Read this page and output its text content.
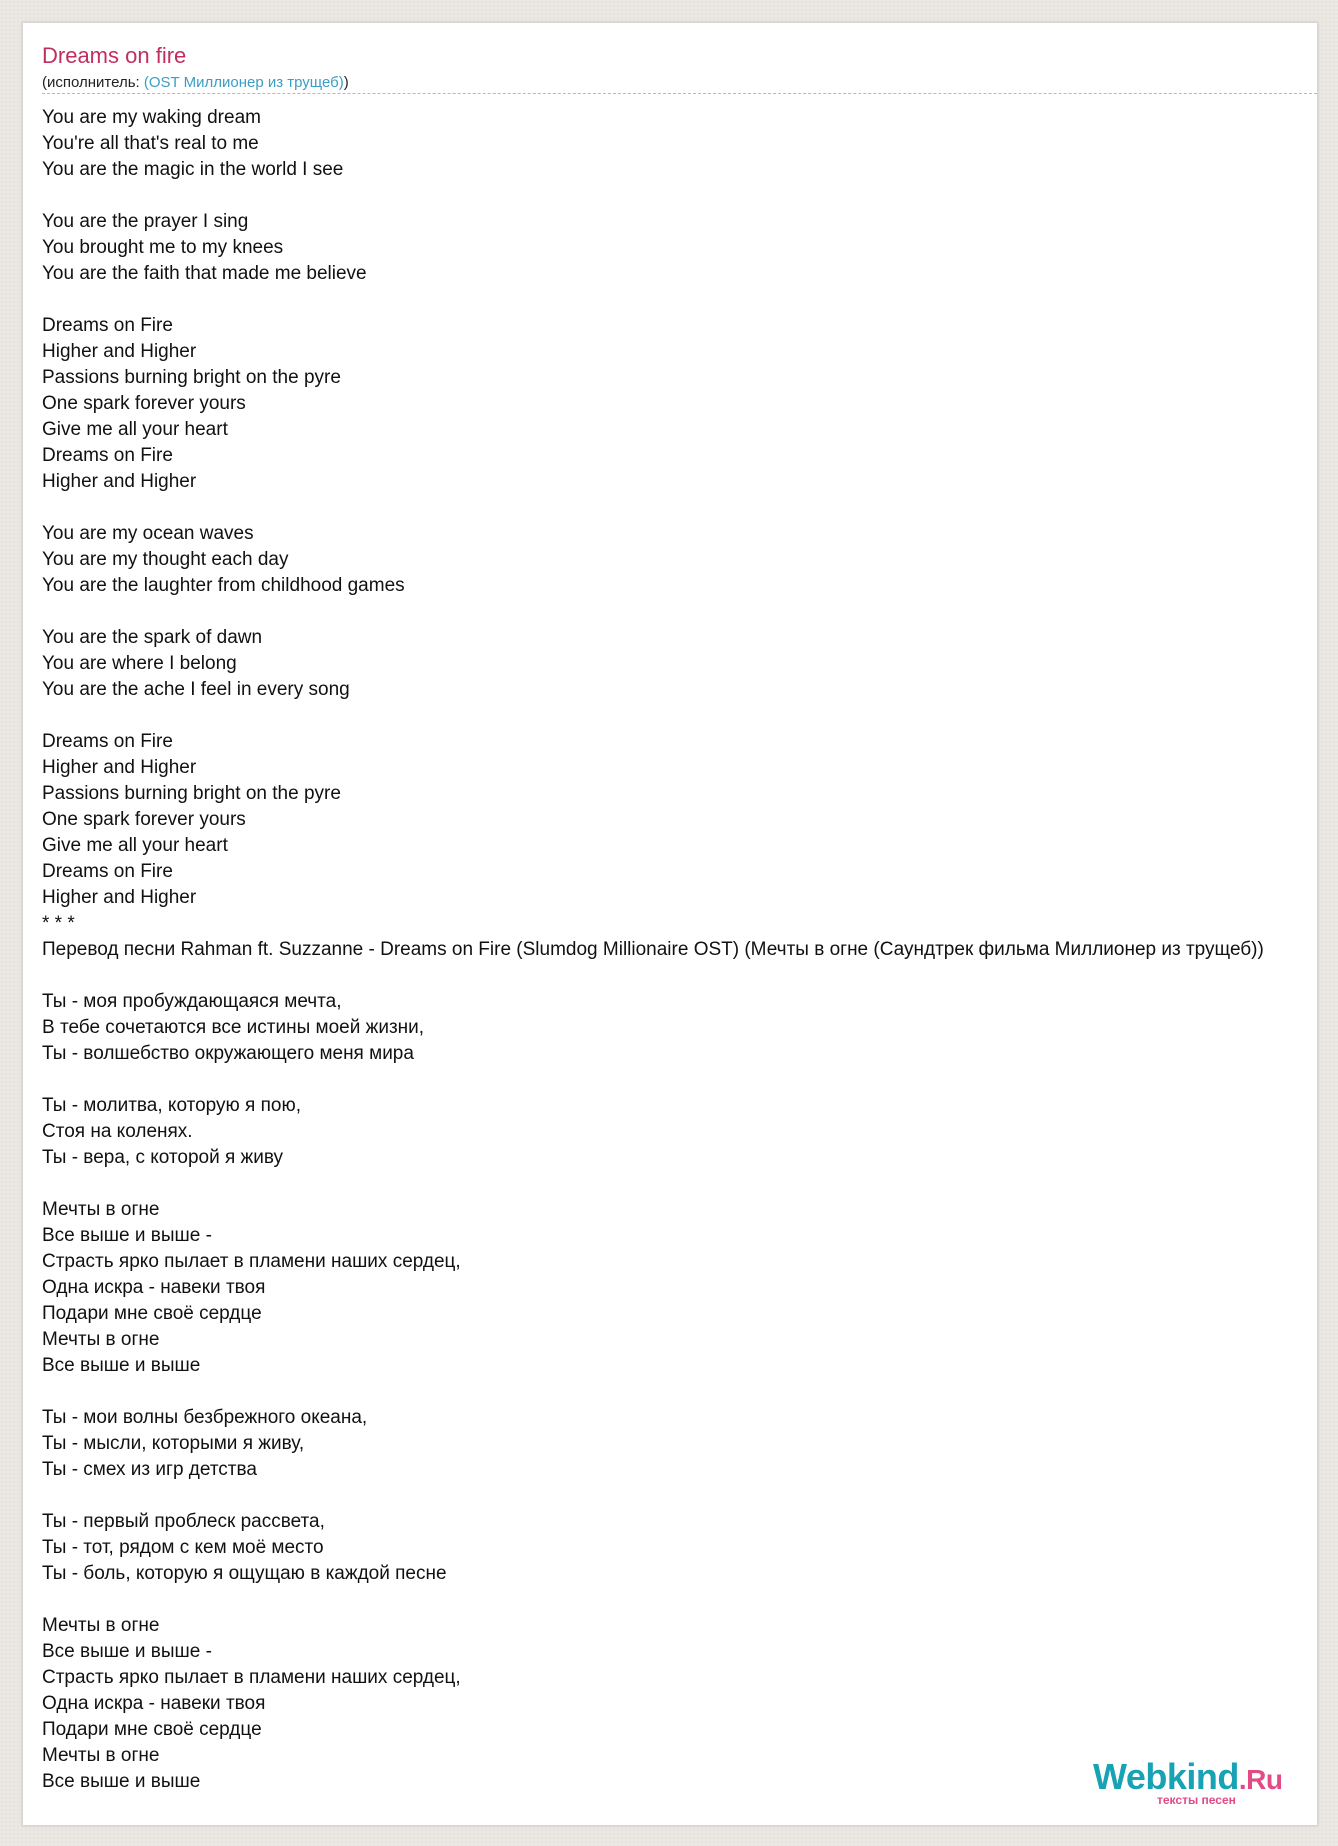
Dreams on fire
(исполнитель: (OST Миллионер из трущеб))
You are my waking dream
You're all that's real to me
You are the magic in the world I see

You are the prayer I sing
You brought me to my knees
You are the faith that made me believe

Dreams on Fire
Higher and Higher
Passions burning bright on the pyre
One spark forever yours
Give me all your heart
Dreams on Fire
Higher and Higher

You are my ocean waves
You are my thought each day
You are the laughter from childhood games

You are the spark of dawn
You are where I belong
You are the ache I feel in every song

Dreams on Fire
Higher and Higher
Passions burning bright on the pyre
One spark forever yours
Give me all your heart
Dreams on Fire
Higher and Higher
* * *
Перевод песни Rahman ft. Suzzanne - Dreams on Fire (Slumdog Millionaire OST) (Мечты в огне (Саундтрек фильма Миллионер из трущеб))

Ты - моя пробуждающаяся мечта,
В тебе сочетаются все истины моей жизни,
Ты - волшебство окружающего меня мира

Ты - молитва, которую я пою,
Стоя на коленях.
Ты - вера, с которой я живу

Мечты в огне
Все выше и выше -
Страсть ярко пылает в пламени наших сердец,
Одна искра - навеки твоя
Подари мне своё сердце
Мечты в огне
Все выше и выше

Ты - мои волны безбрежного океана,
Ты - мысли, которыми я живу,
Ты - смех из игр детства

Ты - первый проблеск рассвета,
Ты - тот, рядом с кем моё место
Ты - боль, которую я ощущаю в каждой песне

Мечты в огне
Все выше и выше -
Страсть ярко пылает в пламени наших сердец,
Одна искра - навеки твоя
Подари мне своё сердце
Мечты в огне
Все выше и выше	Webkind.Ru
тексты песен
